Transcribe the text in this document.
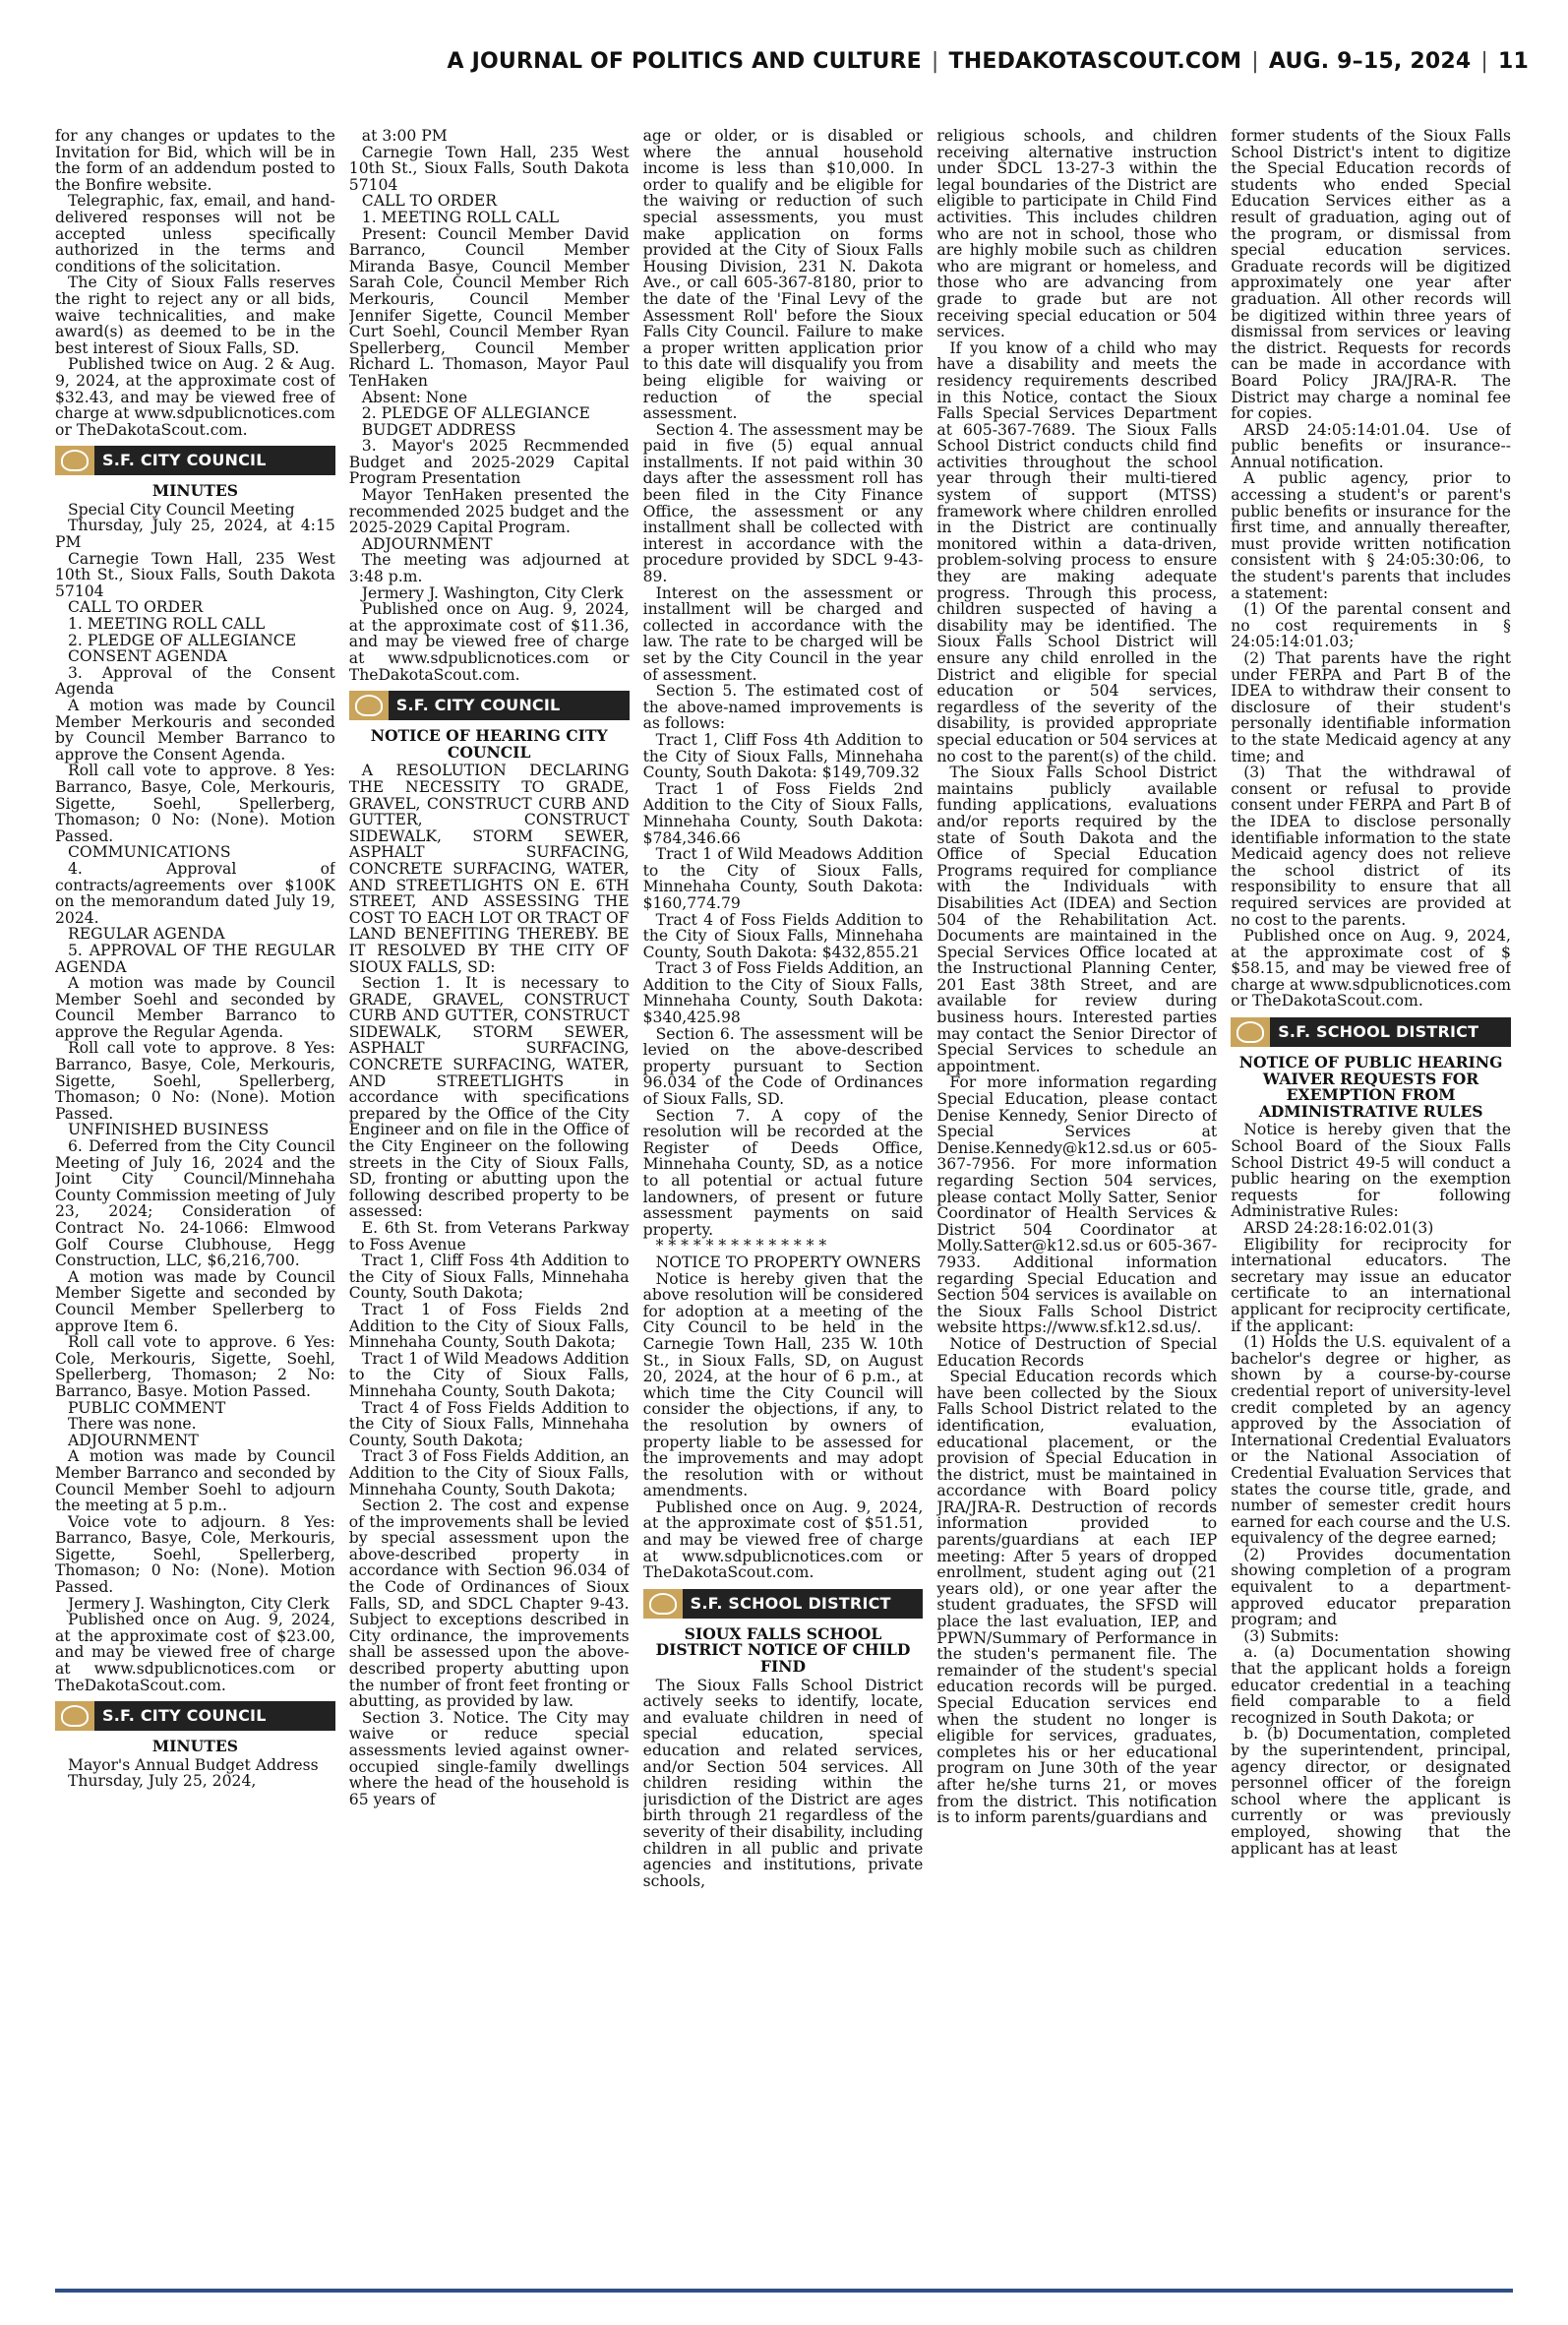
A JOURNAL OF POLITICS AND CULTURE | THEDAKOTASCOUT.COM | AUG. 9–15, 2024 | 11

for any changes or updates to the Invitation for Bid, which will be in the form of an addendum posted to the Bonfire website.

Telegraphic, fax, email, and hand-delivered responses will not be accepted unless specifically authorized in the terms and conditions of the solicitation.

The City of Sioux Falls reserves the right to reject any or all bids, waive technicalities, and make award(s) as deemed to be in the best interest of Sioux Falls, SD.

Published twice on Aug. 2 & Aug. 9, 2024, at the approximate cost of $32.43, and may be viewed free of charge at www.sdpublicnotices.com or TheDakotaScout.com.

S.F. CITY COUNCIL
MINUTES

Special City Council Meeting

Thursday, July 25, 2024, at 4:15 PM

Carnegie Town Hall, 235 West 10th St., Sioux Falls, South Dakota 57104

CALL TO ORDER

1. MEETING ROLL CALL

2. PLEDGE OF ALLEGIANCE

CONSENT AGENDA

3. Approval of the Consent Agenda

A motion was made by Council Member Merkouris and seconded by Council Member Barranco to approve the Consent Agenda.

Roll call vote to approve. 8 Yes: Barranco, Basye, Cole, Merkouris, Sigette, Soehl, Spellerberg, Thomason; 0 No: (None). Motion Passed.

COMMUNICATIONS

4. Approval of contracts/agreements over $100K on the memorandum dated July 19, 2024.

REGULAR AGENDA

5. APPROVAL OF THE REGULAR AGENDA

A motion was made by Council Member Soehl and seconded by Council Member Barranco to approve the Regular Agenda.

Roll call vote to approve. 8 Yes: Barranco, Basye, Cole, Merkouris, Sigette, Soehl, Spellerberg, Thomason; 0 No: (None). Motion Passed.

UNFINISHED BUSINESS

6. Deferred from the City Council Meeting of July 16, 2024 and the Joint City Council/Minnehaha County Commission meeting of July 23, 2024; Consideration of Contract No. 24-1066: Elmwood Golf Course Clubhouse, Hegg Construction, LLC, $6,216,700.

A motion was made by Council Member Sigette and seconded by Council Member Spellerberg to approve Item 6.

Roll call vote to approve. 6 Yes: Cole, Merkouris, Sigette, Soehl, Spellerberg, Thomason; 2 No: Barranco, Basye. Motion Passed.

PUBLIC COMMENT

There was none.

ADJOURNMENT

A motion was made by Council Member Barranco and seconded by Council Member Soehl to adjourn the meeting at 5 p.m..

Voice vote to adjourn. 8 Yes: Barranco, Basye, Cole, Merkouris, Sigette, Soehl, Spellerberg, Thomason; 0 No: (None). Motion Passed.

Jermery J. Washington, City Clerk

Published once on Aug. 9, 2024, at the approximate cost of $23.00, and may be viewed free of charge at www.sdpublicnotices.com or TheDakotaScout.com.

S.F. CITY COUNCIL
MINUTES

Mayor's Annual Budget Address

Thursday, July 25, 2024,

at 3:00 PM

Carnegie Town Hall, 235 West 10th St., Sioux Falls, South Dakota 57104

CALL TO ORDER

1. MEETING ROLL CALL

Present: Council Member David Barranco, Council Member Miranda Basye, Council Member Sarah Cole, Council Member Rich Merkouris, Council Member Jennifer Sigette, Council Member Curt Soehl, Council Member Ryan Spellerberg, Council Member Richard L. Thomason, Mayor Paul TenHaken

Absent: None

2. PLEDGE OF ALLEGIANCE

BUDGET ADDRESS

3. Mayor's 2025 Recmmended Budget and 2025-2029 Capital Program Presentation

Mayor TenHaken presented the recommended 2025 budget and the 2025-2029 Capital Program.

ADJOURNMENT

The meeting was adjourned at 3:48 p.m.

Jermery J. Washington, City Clerk

Published once on Aug. 9, 2024, at the approximate cost of $11.36, and may be viewed free of charge at www.sdpublicnotices.com or TheDakotaScout.com.

S.F. CITY COUNCIL
NOTICE OF HEARING CITY COUNCIL

A RESOLUTION DECLARING THE NECESSITY TO GRADE, GRAVEL, CONSTRUCT CURB AND GUTTER, CONSTRUCT SIDEWALK, STORM SEWER, ASPHALT SURFACING, CONCRETE SURFACING, WATER, AND STREETLIGHTS ON E. 6TH STREET, AND ASSESSING THE COST TO EACH LOT OR TRACT OF LAND BENEFITING THEREBY. BE IT RESOLVED BY THE CITY OF SIOUX FALLS, SD:

Section 1. It is necessary to GRADE, GRAVEL, CONSTRUCT CURB AND GUTTER, CONSTRUCT SIDEWALK, STORM SEWER, ASPHALT SURFACING, CONCRETE SURFACING, WATER, AND STREETLIGHTS in accordance with specifications prepared by the Office of the City Engineer and on file in the Office of the City Engineer on the following streets in the City of Sioux Falls, SD, fronting or abutting upon the following described property to be assessed:

E. 6th St. from Veterans Parkway to Foss Avenue

Tract 1, Cliff Foss 4th Addition to the City of Sioux Falls, Minnehaha County, South Dakota;

Tract 1 of Foss Fields 2nd Addition to the City of Sioux Falls, Minnehaha County, South Dakota;

Tract 1 of Wild Meadows Addition to the City of Sioux Falls, Minnehaha County, South Dakota;

Tract 4 of Foss Fields Addition to the City of Sioux Falls, Minnehaha County, South Dakota;

Tract 3 of Foss Fields Addition, an Addition to the City of Sioux Falls, Minnehaha County, South Dakota;

Section 2. The cost and expense of the improvements shall be levied by special assessment upon the above-described property in accordance with Section 96.034 of the Code of Ordinances of Sioux Falls, SD, and SDCL Chapter 9-43. Subject to exceptions described in City ordinance, the improvements shall be assessed upon the above-described property abutting upon the number of front feet fronting or abutting, as provided by law.

Section 3. Notice. The City may waive or reduce special assessments levied against owner-occupied single-family dwellings where the head of the household is 65 years of

age or older, or is disabled or where the annual household income is less than $10,000. In order to qualify and be eligible for the waiving or reduction of such special assessments, you must make application on forms provided at the City of Sioux Falls Housing Division, 231 N. Dakota Ave., or call 605-367-8180, prior to the date of the 'Final Levy of the Assessment Roll' before the Sioux Falls City Council. Failure to make a proper written application prior to this date will disqualify you from being eligible for waiving or reduction of the special assessment.

Section 4. The assessment may be paid in five (5) equal annual installments. If not paid within 30 days after the assessment roll has been filed in the City Finance Office, the assessment or any installment shall be collected with interest in accordance with the procedure provided by SDCL 9-43-89.

Interest on the assessment or installment will be charged and collected in accordance with the law. The rate to be charged will be set by the City Council in the year of assessment.

Section 5. The estimated cost of the above-named improvements is as follows:

Tract 1, Cliff Foss 4th Addition to the City of Sioux Falls, Minnehaha County, South Dakota: $149,709.32

Tract 1 of Foss Fields 2nd Addition to the City of Sioux Falls, Minnehaha County, South Dakota: $784,346.66

Tract 1 of Wild Meadows Addition to the City of Sioux Falls, Minnehaha County, South Dakota: $160,774.79

Tract 4 of Foss Fields Addition to the City of Sioux Falls, Minnehaha County, South Dakota: $432,855.21

Tract 3 of Foss Fields Addition, an Addition to the City of Sioux Falls, Minnehaha County, South Dakota: $340,425.98

Section 6. The assessment will be levied on the above-described property pursuant to Section 96.034 of the Code of Ordinances of Sioux Falls, SD.

Section 7. A copy of the resolution will be recorded at the Register of Deeds Office, Minnehaha County, SD, as a notice to all potential or actual future landowners, of present or future assessment payments on said property.

* * * * * * * * * * * * * *

NOTICE TO PROPERTY OWNERS

Notice is hereby given that the above resolution will be considered for adoption at a meeting of the City Council to be held in the Carnegie Town Hall, 235 W. 10th St., in Sioux Falls, SD, on August 20, 2024, at the hour of 6 p.m., at which time the City Council will consider the objections, if any, to the resolution by owners of property liable to be assessed for the improvements and may adopt the resolution with or without amendments.

Published once on Aug. 9, 2024, at the approximate cost of $51.51, and may be viewed free of charge at www.sdpublicnotices.com or TheDakotaScout.com.

S.F. SCHOOL DISTRICT
SIOUX FALLS SCHOOL DISTRICT NOTICE OF CHILD FIND

The Sioux Falls School District actively seeks to identify, locate, and evaluate children in need of special education, special education and related services, and/or Section 504 services. All children residing within the jurisdiction of the District are ages birth through 21 regardless of the severity of their disability, including children in all public and private agencies and institutions, private schools,

religious schools, and children receiving alternative instruction under SDCL 13-27-3 within the legal boundaries of the District are eligible to participate in Child Find activities. This includes children who are not in school, those who are highly mobile such as children who are migrant or homeless, and those who are advancing from grade to grade but are not receiving special education or 504 services.

If you know of a child who may have a disability and meets the residency requirements described in this Notice, contact the Sioux Falls Special Services Department at 605-367-7689. The Sioux Falls School District conducts child find activities throughout the school year through their multi-tiered system of support (MTSS) framework where children enrolled in the District are continually monitored within a data-driven, problem-solving process to ensure they are making adequate progress. Through this process, children suspected of having a disability may be identified. The Sioux Falls School District will ensure any child enrolled in the District and eligible for special education or 504 services, regardless of the severity of the disability, is provided appropriate special education or 504 services at no cost to the parent(s) of the child.

The Sioux Falls School District maintains publicly available funding applications, evaluations and/or reports required by the state of South Dakota and the Office of Special Education Programs required for compliance with the Individuals with Disabilities Act (IDEA) and Section 504 of the Rehabilitation Act. Documents are maintained in the Special Services Office located at the Instructional Planning Center, 201 East 38th Street, and are available for review during business hours. Interested parties may contact the Senior Director of Special Services to schedule an appointment.

For more information regarding Special Education, please contact Denise Kennedy, Senior Directo of Special Services at Denise.Kennedy@k12.sd.us or 605-367-7956. For more information regarding Section 504 services, please contact Molly Satter, Senior Coordinator of Health Services & District 504 Coordinator at Molly.Satter@k12.sd.us or 605-367-7933. Additional information regarding Special Education and Section 504 services is available on the Sioux Falls School District website https://www.sf.k12.sd.us/.

Notice of Destruction of Special Education Records

Special Education records which have been collected by the Sioux Falls School District related to the identification, evaluation, educational placement, or the provision of Special Education in the district, must be maintained in accordance with Board policy JRA/JRA-R. Destruction of records information provided to parents/guardians at each IEP meeting: After 5 years of dropped enrollment, student aging out (21 years old), or one year after the student graduates, the SFSD will place the last evaluation, IEP, and PPWN/Summary of Performance in the studen's permanent file. The remainder of the student's special education records will be purged. Special Education services end when the student no longer is eligible for services, graduates, completes his or her educational program on June 30th of the year after he/she turns 21, or moves from the district. This notification is to inform parents/guardians and

former students of the Sioux Falls School District's intent to digitize the Special Education records of students who ended Special Education Services either as a result of graduation, aging out of the program, or dismissal from special education services. Graduate records will be digitized approximately one year after graduation. All other records will be digitized within three years of dismissal from services or leaving the district. Requests for records can be made in accordance with Board Policy JRA/JRA-R. The District may charge a nominal fee for copies.

ARSD 24:05:14:01.04. Use of public benefits or insurance--Annual notification.

A public agency, prior to accessing a student's or parent's public benefits or insurance for the first time, and annually thereafter, must provide written notification consistent with § 24:05:30:06, to the student's parents that includes a statement:

(1) Of the parental consent and no cost requirements in § 24:05:14:01.03;

(2) That parents have the right under FERPA and Part B of the IDEA to withdraw their consent to disclosure of their student's personally identifiable information to the state Medicaid agency at any time; and

(3) That the withdrawal of consent or refusal to provide consent under FERPA and Part B of the IDEA to disclose personally identifiable information to the state Medicaid agency does not relieve the school district of its responsibility to ensure that all required services are provided at no cost to the parents.

Published once on Aug. 9, 2024, at the approximate cost of $ $58.15, and may be viewed free of charge at www.sdpublicnotices.com or TheDakotaScout.com.

S.F. SCHOOL DISTRICT
NOTICE OF PUBLIC HEARING WAIVER REQUESTS FOR EXEMPTION FROM ADMINISTRATIVE RULES

Notice is hereby given that the School Board of the Sioux Falls School District 49-5 will conduct a public hearing on the exemption requests for following Administrative Rules:

ARSD 24:28:16:02.01(3)

Eligibility for reciprocity for international educators. The secretary may issue an educator certificate to an international applicant for reciprocity certificate, if the applicant:

(1) Holds the U.S. equivalent of a bachelor's degree or higher, as shown by a course-by-course credential report of university-level credit completed by an agency approved by the Association of International Credential Evaluators or the National Association of Credential Evaluation Services that states the course title, grade, and number of semester credit hours earned for each course and the U.S. equivalency of the degree earned;

(2) Provides documentation showing completion of a program equivalent to a department-approved educator preparation program; and

(3) Submits:

a. (a) Documentation showing that the applicant holds a foreign educator credential in a teaching field comparable to a field recognized in South Dakota; or

b. (b) Documentation, completed by the superintendent, principal, agency director, or designated personnel officer of the foreign school where the applicant is currently or was previously employed, showing that the applicant has at least
